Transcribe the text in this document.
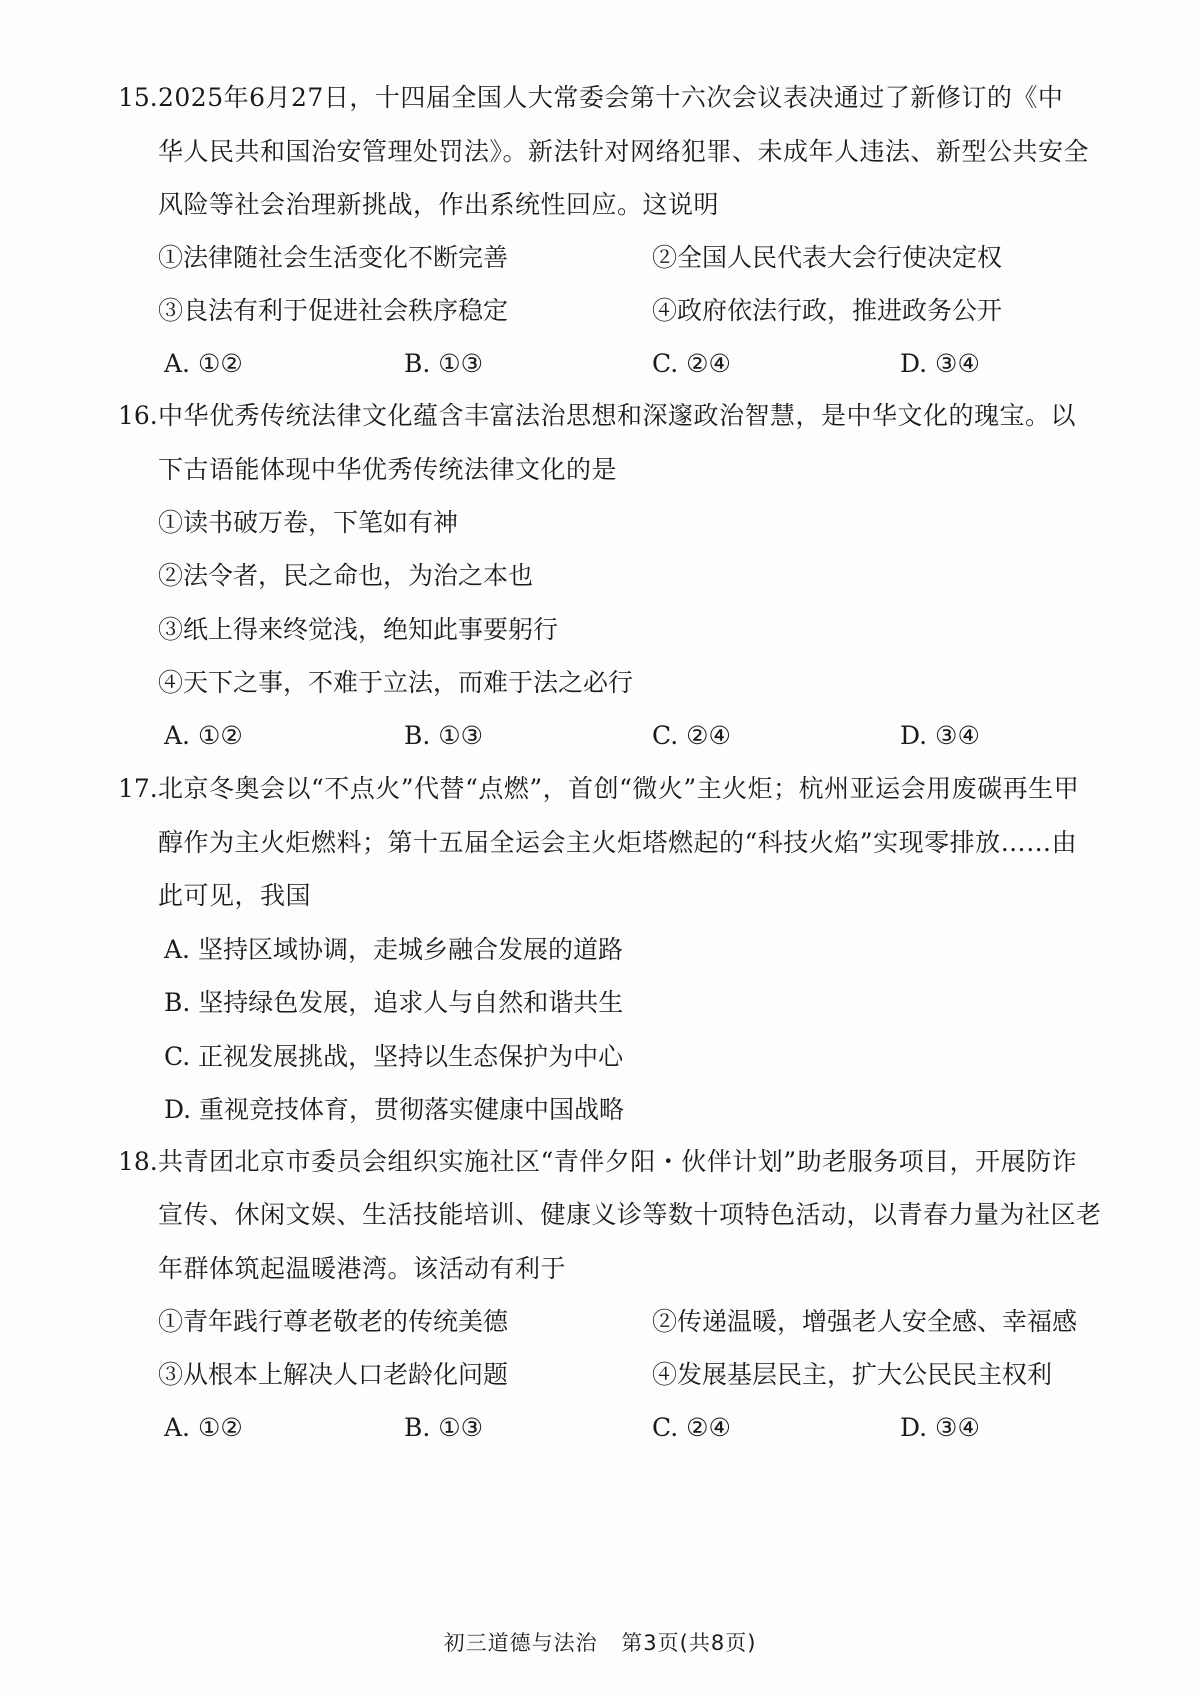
15. 2025年6月27日，十四届全国人大常委会第十六次会议表决通过了新修订的《中
华人民共和国治安管理处罚法》。新法针对网络犯罪、未成年人违法、新型公共安全
风险等社会治理新挑战，作出系统性回应。这说明
①法律随社会生活变化不断完善	②全国人民代表大会行使决定权
③良法有利于促进社会秩序稳定	④政府依法行政，推进政务公开
A. ①②	B. ①③	C. ②④	D. ③④
16. 中华优秀传统法律文化蕴含丰富法治思想和深邃政治智慧，是中华文化的瑰宝。以
下古语能体现中华优秀传统法律文化的是
①读书破万卷，下笔如有神
②法令者，民之命也，为治之本也
③纸上得来终觉浅，绝知此事要躬行
④天下之事，不难于立法，而难于法之必行
A. ①②	B. ①③	C. ②④	D. ③④
17. 北京冬奥会以“不点火”代替“点燃”，首创“微火”主火炬；杭州亚运会用废碳再生甲
醇作为主火炬燃料；第十五届全运会主火炬塔燃起的“科技火焰”实现零排放……由
此可见，我国
A. 坚持区域协调，走城乡融合发展的道路
B. 坚持绿色发展，追求人与自然和谐共生
C. 正视发展挑战，坚持以生态保护为中心
D. 重视竞技体育，贯彻落实健康中国战略
18. 共青团北京市委员会组织实施社区“青伴夕阳・伙伴计划”助老服务项目，开展防诈
宣传、休闲文娱、生活技能培训、健康义诊等数十项特色活动，以青春力量为社区老
年群体筑起温暖港湾。该活动有利于
①青年践行尊老敬老的传统美德	②传递温暖，增强老人安全感、幸福感
③从根本上解决人口老龄化问题	④发展基层民主，扩大公民民主权利
A. ①②	B. ①③	C. ②④	D. ③④
初三道德与法治 第3页(共8页)
